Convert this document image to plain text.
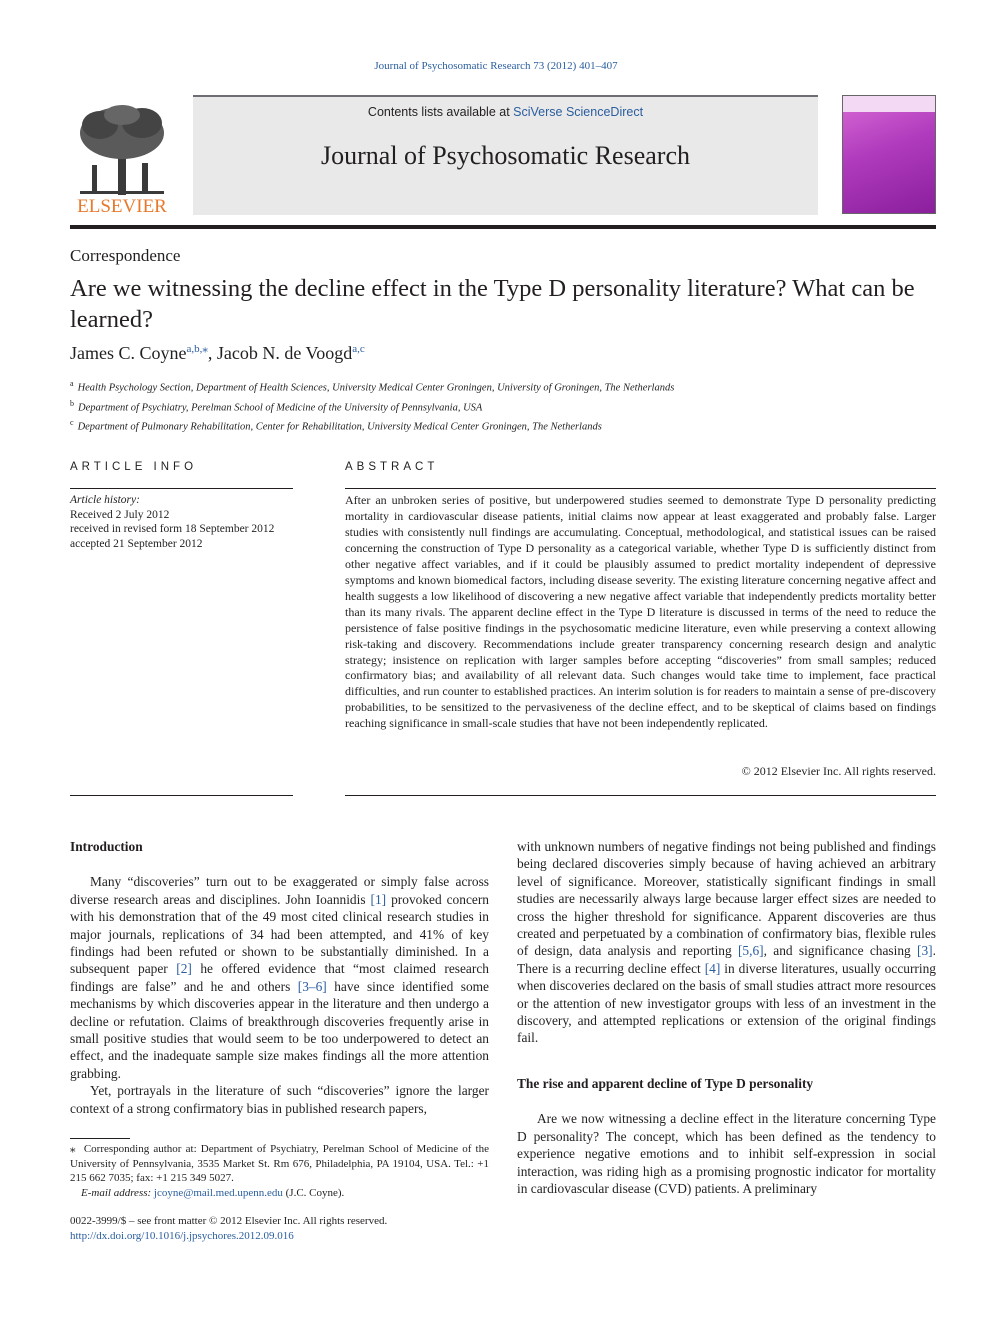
Journal of Psychosomatic Research 73 (2012) 401–407
ELSEVIER
Contents lists available at SciVerse ScienceDirect
Journal of Psychosomatic Research
Correspondence
Are we witnessing the decline effect in the Type D personality literature? What can be learned?
James C. Coyne$^{a,b,⁎}$, Jacob N. de Voogd$^{a,c}$
$^a$ Health Psychology Section, Department of Health Sciences, University Medical Center Groningen, University of Groningen, The Netherlands
$^b$ Department of Psychiatry, Perelman School of Medicine of the University of Pennsylvania, USA
$^c$ Department of Pulmonary Rehabilitation, Center for Rehabilitation, University Medical Center Groningen, The Netherlands
ARTICLE INFO	ABSTRACT
Article history:
Received 2 July 2012
received in revised form 18 September 2012
accepted 21 September 2012
After an unbroken series of positive, but underpowered studies seemed to demonstrate Type D personality predicting mortality in cardiovascular disease patients, initial claims now appear at least exaggerated and probably false. Larger studies with consistently null findings are accumulating. Conceptual, methodological, and statistical issues can be raised concerning the construction of Type D personality as a categorical variable, whether Type D is sufficiently distinct from other negative affect variables, and if it could be plausibly assumed to predict mortality independent of depressive symptoms and known biomedical factors, including disease severity. The existing literature concerning negative affect and health suggests a low likelihood of discovering a new negative affect variable that independently predicts mortality better than its many rivals. The apparent decline effect in the Type D literature is discussed in terms of the need to reduce the persistence of false positive findings in the psychosomatic medicine literature, even while preserving a context allowing risk-taking and discovery. Recommendations include greater transparency concerning research design and analytic strategy; insistence on replication with larger samples before accepting “discoveries” from small samples; reduced confirmatory bias; and availability of all relevant data. Such changes would take time to implement, face practical difficulties, and run counter to established practices. An interim solution is for readers to maintain a sense of pre-discovery probabilities, to be sensitized to the pervasiveness of the decline effect, and to be skeptical of claims based on findings reaching significance in small-scale studies that have not been independently replicated.
© 2012 Elsevier Inc. All rights reserved.
Introduction

Many “discoveries” turn out to be exaggerated or simply false across diverse research areas and disciplines. John Ioannidis [1] provoked concern with his demonstration that of the 49 most cited clinical research studies in major journals, replications of 34 had been attempted, and 41% of key findings had been refuted or shown to be substantially diminished. In a subsequent paper [2] he offered evidence that “most claimed research findings are false” and he and others [3–6] have since identified some mechanisms by which discoveries appear in the literature and then undergo a decline or refutation. Claims of breakthrough discoveries frequently arise in small positive studies that would seem to be too underpowered to detect an effect, and the inadequate sample size makes findings all the more attention grabbing.

Yet, portrayals in the literature of such “discoveries” ignore the larger context of a strong confirmatory bias in published research papers,

with unknown numbers of negative findings not being published and findings being declared discoveries simply because of having achieved an arbitrary level of significance. Moreover, statistically significant findings in small studies are necessarily always large because larger effect sizes are needed to cross the higher threshold for significance. Apparent discoveries are thus created and perpetuated by a combination of confirmatory bias, flexible rules of design, data analysis and reporting [5,6], and significance chasing [3]. There is a recurring decline effect [4] in diverse literatures, usually occurring when discoveries declared on the basis of small studies attract more resources or the attention of new investigator groups with less of an investment in the discovery, and attempted replications or extension of the original findings fail.

The rise and apparent decline of Type D personality

Are we now witnessing a decline effect in the literature concerning Type D personality? The concept, which has been defined as the tendency to experience negative emotions and to inhibit self-expression in social interaction, was riding high as a promising prognostic indicator for mortality in cardiovascular disease (CVD) patients. A preliminary

⁎ Corresponding author at: Department of Psychiatry, Perelman School of Medicine of the University of Pennsylvania, 3535 Market St. Rm 676, Philadelphia, PA 19104, USA. Tel.: +1 215 662 7035; fax: +1 215 349 5027.
E-mail address: jcoyne@mail.med.upenn.edu (J.C. Coyne).
0022-3999/$ – see front matter © 2012 Elsevier Inc. All rights reserved.
http://dx.doi.org/10.1016/j.jpsychores.2012.09.016
